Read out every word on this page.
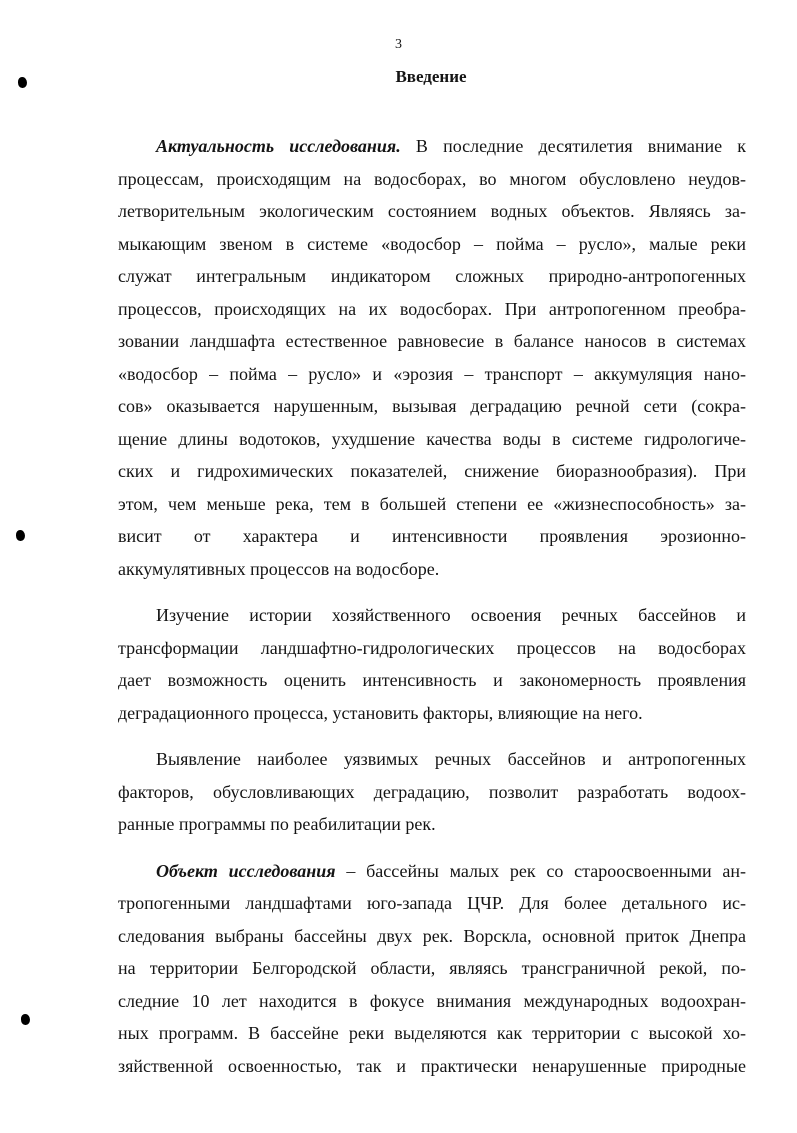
3
Введение
Актуальность исследования. В последние десятилетия внимание к
процессам, происходящим на водосборах, во многом обусловлено неудов-
летворительным экологическим состоянием водных объектов. Являясь за-
мыкающим звеном в системе «водосбор – пойма – русло», малые реки
служат интегральным индикатором сложных природно-антропогенных
процессов, происходящих на их водосборах. При антропогенном преобра-
зовании ландшафта естественное равновесие в балансе наносов в системах
«водосбор – пойма – русло» и «эрозия – транспорт – аккумуляция нано-
сов» оказывается нарушенным, вызывая деградацию речной сети (сокра-
щение длины водотоков, ухудшение качества воды в системе гидрологиче-
ских и гидрохимических показателей, снижение биоразнообразия). При
этом, чем меньше река, тем в большей степени ее «жизнеспособность» за-
висит от характера и интенсивности проявления эрозионно-
аккумулятивных процессов на водосборе.
Изучение истории хозяйственного освоения речных бассейнов и
трансформации ландшафтно-гидрологических процессов на водосборах
дает возможность оценить интенсивность и закономерность проявления
деградационного процесса, установить факторы, влияющие на него.
Выявление наиболее уязвимых речных бассейнов и антропогенных
факторов, обусловливающих деградацию, позволит разработать водоох-
ранные программы по реабилитации рек.
Объект исследования – бассейны малых рек со староосвоенными ан-
тропогенными ландшафтами юго-запада ЦЧР. Для более детального ис-
следования выбраны бассейны двух рек. Ворскла, основной приток Днепра
на территории Белгородской области, являясь трансграничной рекой, по-
следние 10 лет находится в фокусе внимания международных водоохран-
ных программ. В бассейне реки выделяются как территории с высокой хо-
зяйственной освоенностью, так и практически ненарушенные природные
